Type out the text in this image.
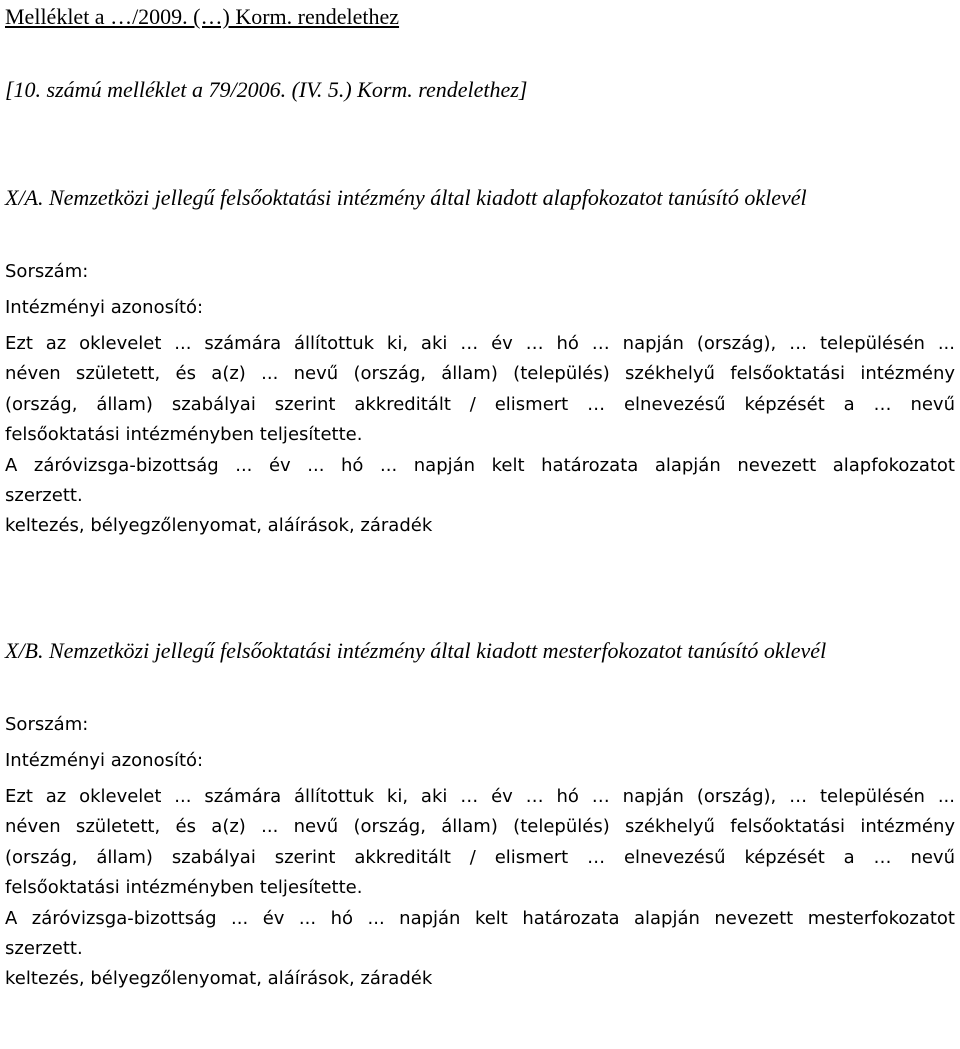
Melléklet a …/2009. (…) Korm. rendelethez

[10. számú melléklet a 79/2006. (IV. 5.) Korm. rendelethez]

X/A. Nemzetközi jellegű felsőoktatási intézmény által kiadott alapfokozatot tanúsító oklevél

Sorszám:

Intézményi azonosító:

Ezt az oklevelet ... számára állítottuk ki, aki … év … hó … napján (ország), … településén ...
néven született, és a(z) ... nevű (ország, állam) (település) székhelyű felsőoktatási intézmény
(ország, állam) szabályai szerint akkreditált / elismert … elnevezésű képzését a … nevű
felsőoktatási intézményben teljesítette.
A záróvizsga-bizottság ... év ... hó ... napján kelt határozata alapján nevezett alapfokozatot
szerzett.

keltezés, bélyegzőlenyomat, aláírások, záradék

X/B. Nemzetközi jellegű felsőoktatási intézmény által kiadott mesterfokozatot tanúsító oklevél

Sorszám:

Intézményi azonosító:

Ezt az oklevelet ... számára állítottuk ki, aki … év … hó … napján (ország), … településén ...
néven született, és a(z) ... nevű (ország, állam) (település) székhelyű felsőoktatási intézmény
(ország, állam) szabályai szerint akkreditált / elismert … elnevezésű képzését a … nevű
felsőoktatási intézményben teljesítette.
A záróvizsga-bizottság ... év ... hó ... napján kelt határozata alapján nevezett mesterfokozatot
szerzett.

keltezés, bélyegzőlenyomat, aláírások, záradék
